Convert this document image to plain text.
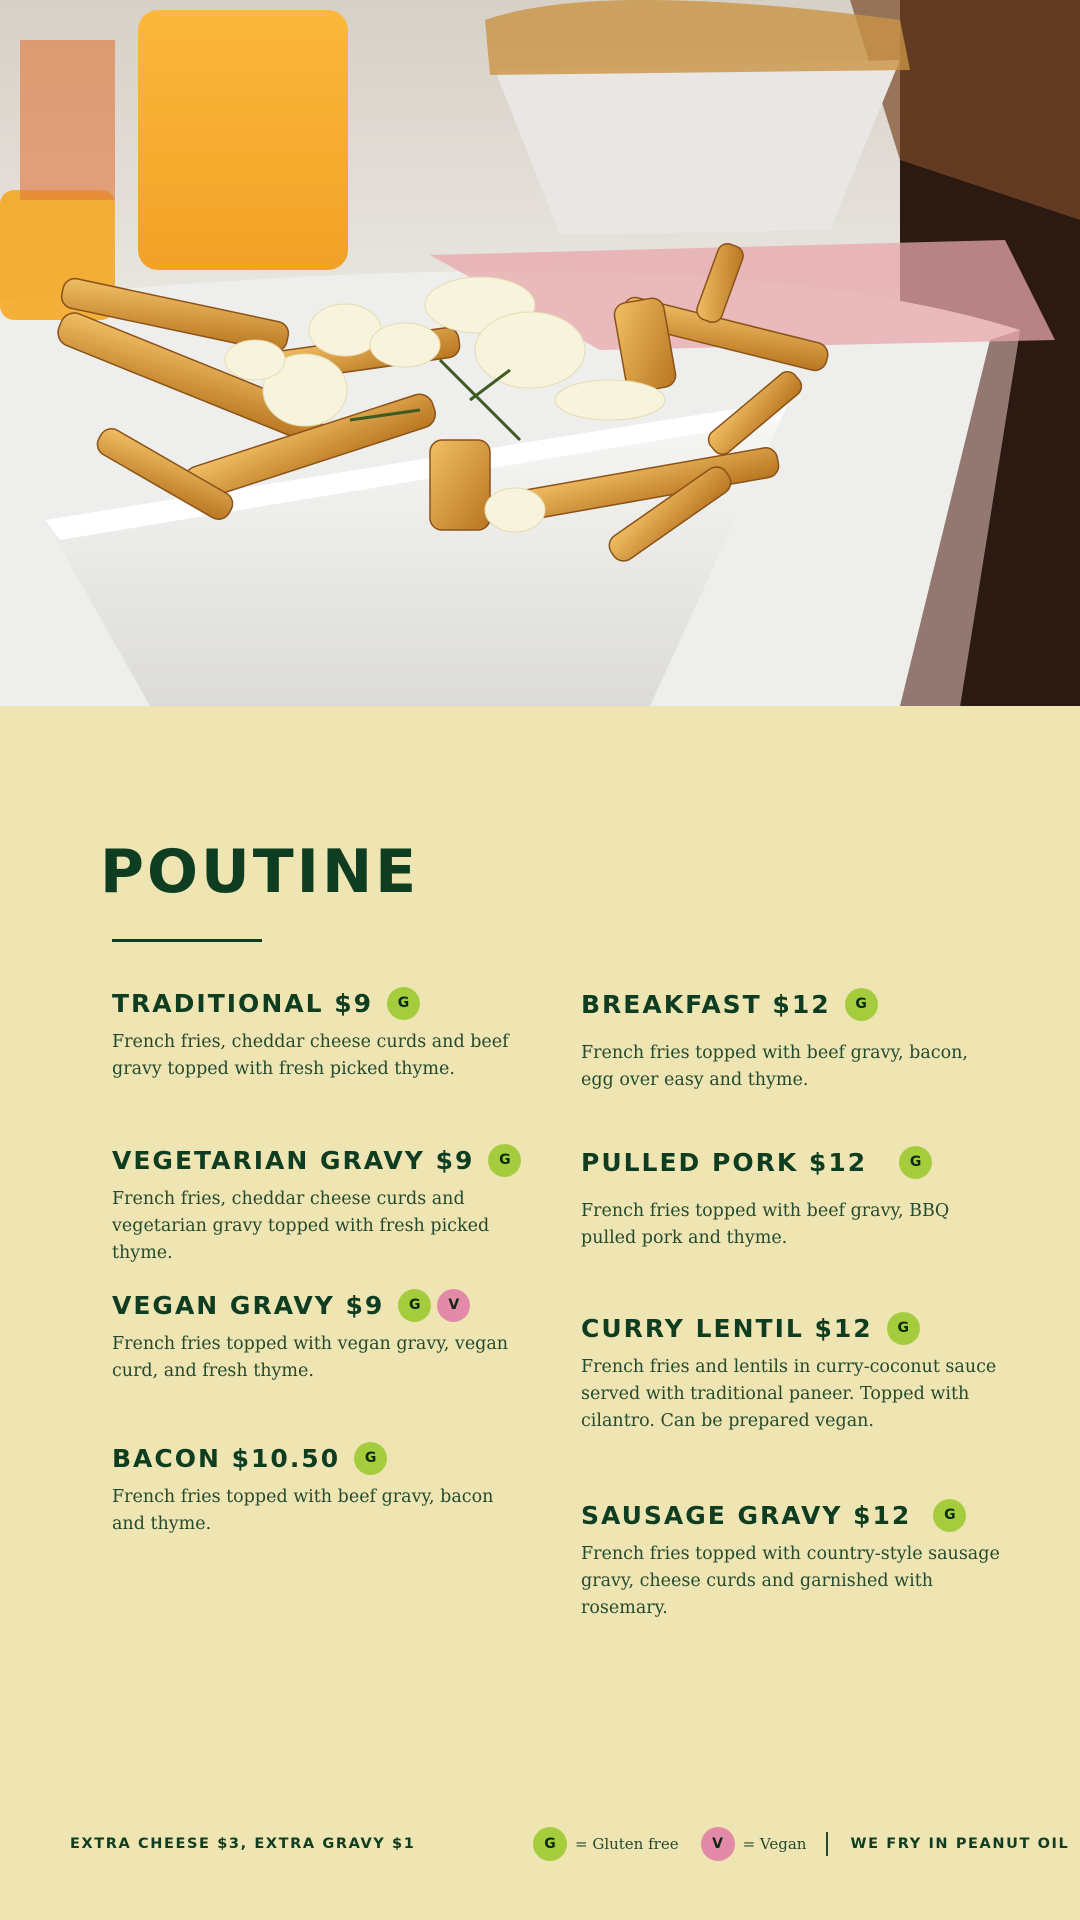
POUTINE
TRADITIONAL $9	G
French fries, cheddar cheese curds and beef gravy topped with fresh picked thyme.
VEGETARIAN GRAVY $9	G
French fries, cheddar cheese curds and vegetarian gravy topped with fresh picked thyme.
VEGAN GRAVY $9	G	V
French fries topped with vegan gravy, vegan curd, and fresh thyme.
BACON $10.50	G
French fries topped with beef gravy, bacon and thyme.
BREAKFAST $12	G
French fries topped with beef gravy, bacon, egg over easy and thyme.
PULLED PORK $12	G
French fries topped with beef gravy, BBQ pulled pork and thyme.
CURRY LENTIL $12	G
French fries and lentils in curry-coconut sauce served with traditional paneer. Topped with cilantro. Can be prepared vegan.
SAUSAGE GRAVY $12	G
French fries topped with country-style sausage gravy, cheese curds and garnished with rosemary.
EXTRA CHEESE $3, EXTRA GRAVY $1	G	= Gluten free	V	= Vegan	WE FRY IN PEANUT OIL
